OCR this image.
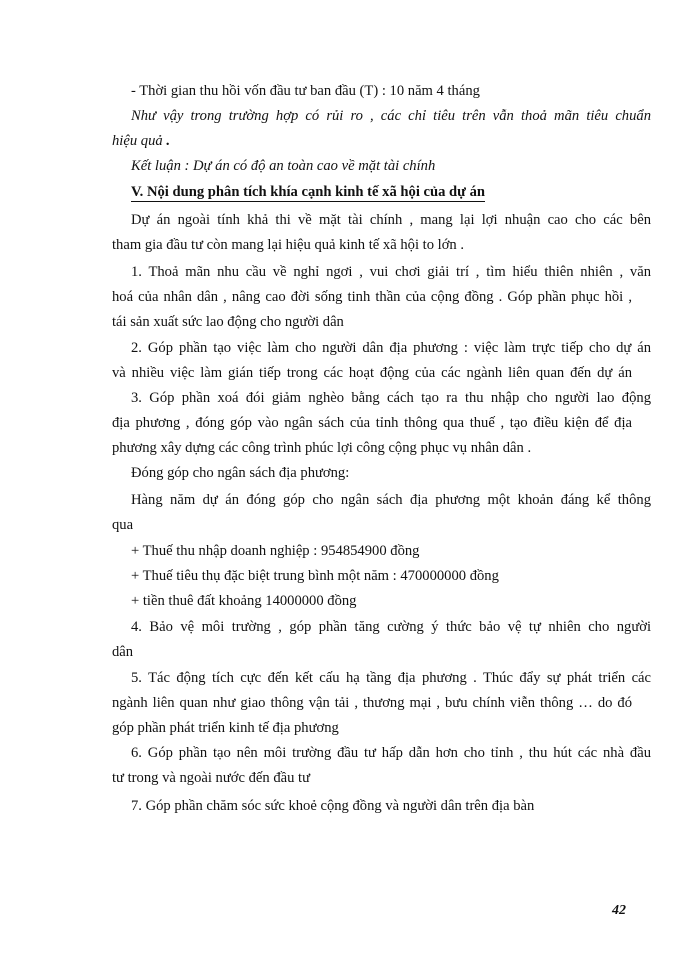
- Thời gian thu hồi vốn đầu tư ban đầu (T) : 10 năm 4 tháng
Như vậy trong trường hợp có rủi ro , các chỉ tiêu trên vẫn thoả mãn tiêu chuẩn
hiệu quả .
Kết luận : Dự án có độ an toàn cao về mặt tài chính
V. Nội dung phân tích khía cạnh kinh tế xã hội của dự án
Dự án ngoài tính khả thi về mặt tài chính , mang lại lợi nhuận cao cho các bên
tham gia đầu tư còn mang lại hiệu quả kinh tế xã hội to lớn .
1. Thoả mãn nhu cầu về nghỉ ngơi , vui chơi giải trí , tìm hiểu thiên nhiên , văn
hoá của nhân dân , nâng cao đời sống tinh thần của cộng đồng . Góp phần phục hồi ,
tái sản xuất sức lao động cho người dân
2. Góp phần tạo việc làm cho người dân địa phương : việc làm trực tiếp cho dự án
và nhiều việc làm gián tiếp trong các hoạt động của các ngành liên quan đến dự án
3. Góp phần xoá đói giảm nghèo bằng cách tạo ra thu nhập cho người lao động
địa phương , đóng góp vào ngân sách của tỉnh thông qua thuế , tạo điều kiện để địa
phương xây dựng các công trình phúc lợi công cộng phục vụ nhân dân .
Đóng góp cho ngân sách địa phương:
Hàng năm dự án đóng góp cho ngân sách địa phương một khoản đáng kể thông
qua
+ Thuế thu nhập doanh nghiệp : 954854900 đồng
+ Thuế tiêu thụ đặc biệt trung bình một năm : 470000000 đồng
+ tiền thuê đất khoảng 14000000 đồng
4. Bảo vệ môi trường , góp phần tăng cường ý thức bảo vệ tự nhiên cho người
dân
5. Tác động tích cực đến kết cấu hạ tầng địa phương . Thúc đẩy sự phát triển các
ngành liên quan như giao thông vận tải , thương mại , bưu chính viễn thông … do đó
góp phần phát triển kinh tế địa phương
6. Góp phần tạo nên môi trường đầu tư hấp dẫn hơn cho tỉnh , thu hút các nhà đầu
tư trong và ngoài nước đến đầu tư
7. Góp phần chăm sóc sức khoẻ cộng đồng và người dân trên địa bàn
42
